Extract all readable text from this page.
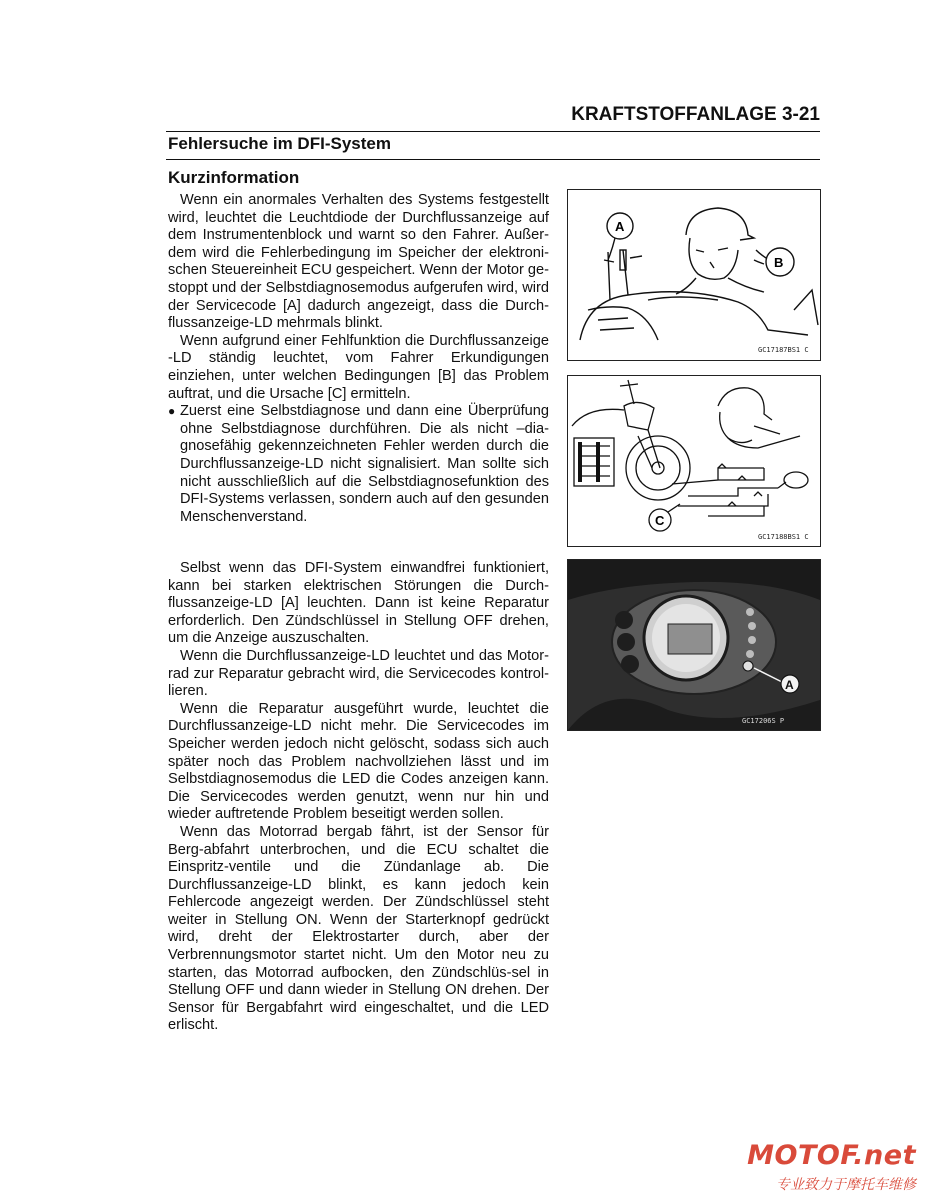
KRAFTSTOFFANLAGE 3-21
Fehlersuche im DFI-System
Kurzinformation

Wenn ein anormales Verhalten des Systems festgestellt wird, leuchtet die Leuchtdiode der Durchflussanzeige auf dem Instrumentenblock und warnt so den Fahrer. Außer-dem wird die Fehlerbedingung im Speicher der elektroni-schen Steuereinheit ECU gespeichert. Wenn der Motor ge-stoppt und der Selbstdiagnosemodus aufgerufen wird, wird der Servicecode [A] dadurch angezeigt, dass die Durch-flussanzeige-LD mehrmals blinkt.

Wenn aufgrund einer Fehlfunktion die Durchflussanzeige -LD ständig leuchtet, vom Fahrer Erkundigungen einziehen, unter welchen Bedingungen [B] das Problem auftrat, und die Ursache [C] ermitteln.

● Zuerst eine Selbstdiagnose und dann eine Überprüfung ohne Selbstdiagnose durchführen. Die als nicht –dia-gnosefähig gekennzeichneten Fehler werden durch die Durchflussanzeige-LD nicht signalisiert. Man sollte sich nicht ausschließlich auf die Selbstdiagnosefunktion des DFI-Systems verlassen, sondern auch auf den gesunden Menschenverstand.

Selbst wenn das DFI-System einwandfrei funktioniert, kann bei starken elektrischen Störungen die Durch-flussanzeige-LD [A] leuchten. Dann ist keine Reparatur erforderlich. Den Zündschlüssel in Stellung OFF drehen, um die Anzeige auszuschalten.

Wenn die Durchflussanzeige-LD leuchtet und das Motor-rad zur Reparatur gebracht wird, die Servicecodes kontrol-lieren.

Wenn die Reparatur ausgeführt wurde, leuchtet die Durchflussanzeige-LD nicht mehr. Die Servicecodes im Speicher werden jedoch nicht gelöscht, sodass sich auch später noch das Problem nachvollziehen lässt und im Selbstdiagnosemodus die LED die Codes anzeigen kann. Die Servicecodes werden genutzt, wenn nur hin und wieder auftretende Problem beseitigt werden sollen.

Wenn das Motorrad bergab fährt, ist der Sensor für Berg-abfahrt unterbrochen, und die ECU schaltet die Einspritz-ventile und die Zündanlage ab. Die Durchflussanzeige-LD blinkt, es kann jedoch kein Fehlercode angezeigt werden. Der Zündschlüssel steht weiter in Stellung ON. Wenn der Starterknopf gedrückt wird, dreht der Elektrostarter durch, aber der Verbrennungsmotor startet nicht. Um den Motor neu zu starten, das Motorrad aufbocken, den Zündschlüs-sel in Stellung OFF und dann wieder in Stellung ON drehen. Der Sensor für Bergabfahrt wird eingeschaltet, und die LED erlischt.

A
B
GC17187BS1 C
C
GC17188BS1 C
A
GC17206S P
MOTOF.net
专业致力于摩托车维修
